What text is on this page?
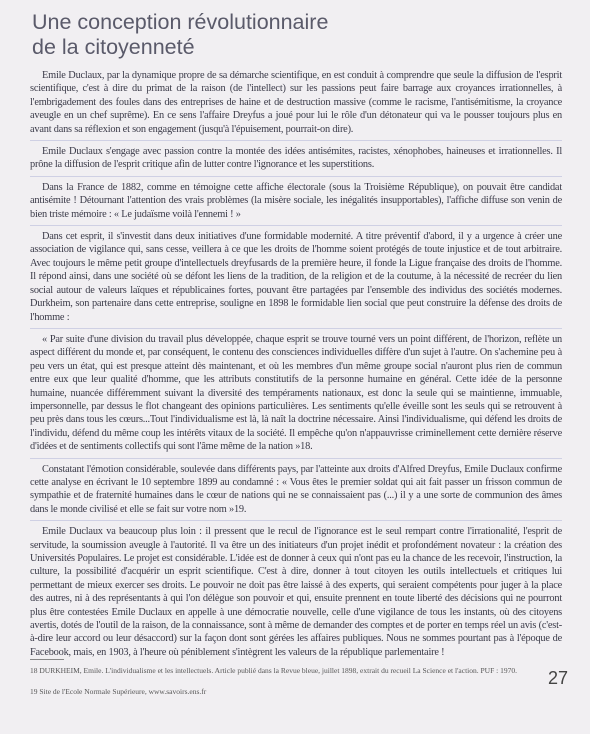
Une conception révolutionnaire
de la citoyenneté

Emile Duclaux, par la dynamique propre de sa démarche scientifique, en est conduit à comprendre que seule la diffusion de l'esprit scientifique, c'est à dire du primat de la raison (de l'intellect) sur les passions peut faire barrage aux croyances irrationnelles, à l'embrigadement des foules dans des entreprises de haine et de destruction massive (comme le racisme, l'antisémitisme, la croyance aveugle en un chef suprême). En ce sens l'affaire Dreyfus a joué pour lui le rôle d'un détonateur qui va le pousser toujours plus en avant dans sa réflexion et son engagement (jusqu'à l'épuisement, pourrait-on dire).

Emile Duclaux s'engage avec passion contre la montée des idées antisémites, racistes, xénophobes, haineuses et irrationnelles. Il prône la diffusion de l'esprit critique afin de lutter contre l'ignorance et les superstitions.

Dans la France de 1882, comme en témoigne cette affiche électorale (sous la Troisième République), on pouvait être candidat antisémite ! Détournant l'attention des vrais problèmes (la misère sociale, les inégalités insupportables), l'affiche diffuse son venin de bien triste mémoire : « Le judaïsme voilà l'ennemi ! »

Dans cet esprit, il s'investit dans deux initiatives d'une formidable modernité. A titre préventif d'abord, il y a urgence à créer une association de vigilance qui, sans cesse, veillera à ce que les droits de l'homme soient protégés de toute injustice et de tout arbitraire. Avec toujours le même petit groupe d'intellectuels dreyfusards de la première heure, il fonde la Ligue française des droits de l'homme. Il répond ainsi, dans une société où se défont les liens de la tradition, de la religion et de la coutume, à la nécessité de recréer du lien social autour de valeurs laïques et républicaines fortes, pouvant être partagées par l'ensemble des individus des sociétés modernes. Durkheim, son partenaire dans cette entreprise, souligne en 1898 le formidable lien social que peut construire la défense des droits de l'homme :

« Par suite d'une division du travail plus développée, chaque esprit se trouve tourné vers un point différent, de l'horizon, reflète un aspect différent du monde et, par conséquent, le contenu des consciences individuelles diffère d'un sujet à l'autre. On s'achemine peu à peu vers un état, qui est presque atteint dès maintenant, et où les membres d'un même groupe social n'auront plus rien de commun entre eux que leur qualité d'homme, que les attributs constitutifs de la personne humaine en général. Cette idée de la personne humaine, nuancée différemment suivant la diversité des tempéraments nationaux, est donc la seule qui se maintienne, immuable, impersonnelle, par dessus le flot changeant des opinions particulières. Les sentiments qu'elle éveille sont les seuls qui se retrouvent à peu près dans tous les cœurs...Tout l'individualisme est là, là naît la doctrine nécessaire. Ainsi l'individualisme, qui défend les droits de l'individu, défend du même coup les intérêts vitaux de la société. Il empêche qu'on n'appauvrisse criminellement cette dernière réserve d'idées et de sentiments collectifs qui sont l'âme même de la nation »18.

Constatant l'émotion considérable, soulevée dans différents pays, par l'atteinte aux droits d'Alfred Dreyfus, Emile Duclaux confirme cette analyse en écrivant le 10 septembre 1899 au condamné : « Vous êtes le premier soldat qui ait fait passer un frisson commun de sympathie et de fraternité humaines dans le cœur de nations qui ne se connaissaient pas (...) il y a une sorte de communion des âmes dans le monde civilisé et elle se fait sur votre nom »19.

Emile Duclaux va beaucoup plus loin : il pressent que le recul de l'ignorance est le seul rempart contre l'irrationalité, l'esprit de servitude, la soumission aveugle à l'autorité. Il va être un des initiateurs d'un projet inédit et profondément novateur : la création des Universités Populaires. Le projet est considérable. L'idée est de donner à ceux qui n'ont pas eu la chance de les recevoir, l'instruction, la culture, la possibilité d'acquérir un esprit scientifique. C'est à dire, donner à tout citoyen les outils intellectuels et critiques lui permettant de mieux exercer ses droits. Le pouvoir ne doit pas être laissé à des experts, qui seraient compétents pour juger à la place des autres, ni à des représentants à qui l'on délègue son pouvoir et qui, ensuite prennent en toute liberté des décisions qui ne pourront plus être contestées Emile Duclaux en appelle à une démocratie nouvelle, celle d'une vigilance de tous les instants, où des citoyens avertis, dotés de l'outil de la raison, de la connaissance, sont à même de demander des comptes et de porter en temps réel un avis (c'est-à-dire leur accord ou leur désaccord) sur la façon dont sont gérées les affaires publiques. Nous ne sommes pourtant pas à l'époque de Facebook, mais, en 1903, à l'heure où péniblement s'intègrent les valeurs de la république parlementaire !

18 DURKHEIM, Emile. L'individualisme et les intellectuels. Article publié dans la Revue bleue, juillet 1898, extrait du recueil La Science et l'action. PUF : 1970.
19 Site de l'Ecole Normale Supérieure, www.savoirs.ens.fr
27
